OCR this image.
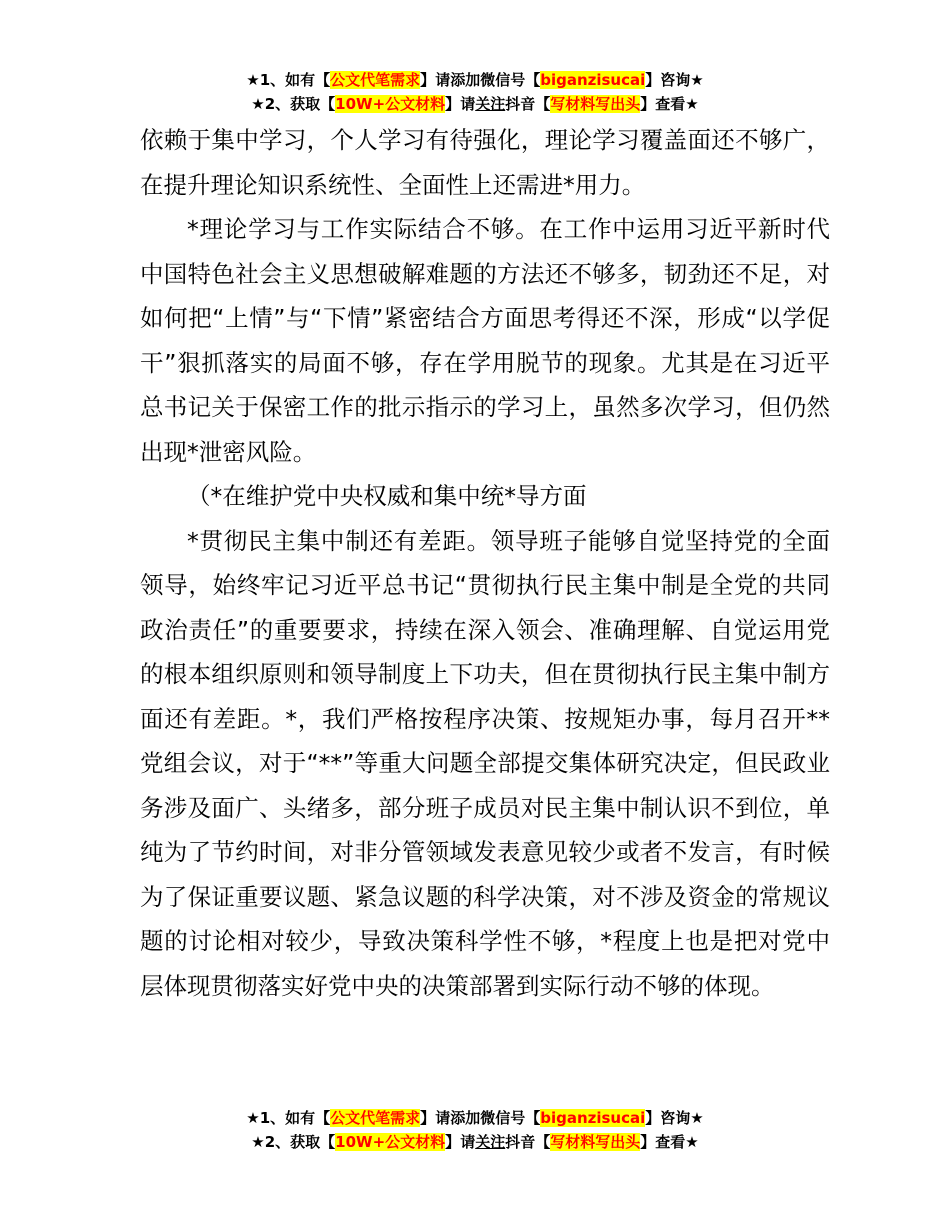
★1、如有【公文代笔需求】请添加微信号【biganzisucai】咨询★
★2、获取【10W+公文材料】请关注抖音【写材料写出头】查看★

依赖于集中学习，个人学习有待强化，理论学习覆盖面还不够广，在提升理论知识系统性、全面性上还需进*用力。

*理论学习与工作实际结合不够。在工作中运用习近平新时代中国特色社会主义思想破解难题的方法还不够多，韧劲还不足，对如何把“上情”与“下情”紧密结合方面思考得还不深，形成“以学促干”狠抓落实的局面不够，存在学用脱节的现象。尤其是在习近平总书记关于保密工作的批示指示的学习上，虽然多次学习，但仍然出现*泄密风险。

（*在维护党中央权威和集中统*导方面

*贯彻民主集中制还有差距。领导班子能够自觉坚持党的全面领导，始终牢记习近平总书记“贯彻执行民主集中制是全党的共同政治责任”的重要要求，持续在深入领会、准确理解、自觉运用党的根本组织原则和领导制度上下功夫，但在贯彻执行民主集中制方面还有差距。*，我们严格按程序决策、按规矩办事，每月召开**党组会议，对于“**”等重大问题全部提交集体研究决定，但民政业务涉及面广、头绪多，部分班子成员对民主集中制认识不到位，单纯为了节约时间，对非分管领域发表意见较少或者不发言，有时候为了保证重要议题、紧急议题的科学决策，对不涉及资金的常规议题的讨论相对较少，导致决策科学性不够，*程度上也是把对党中层体现贯彻落实好党中央的决策部署到实际行动不够的体现。

★1、如有【公文代笔需求】请添加微信号【biganzisucai】咨询★
★2、获取【10W+公文材料】请关注抖音【写材料写出头】查看★
